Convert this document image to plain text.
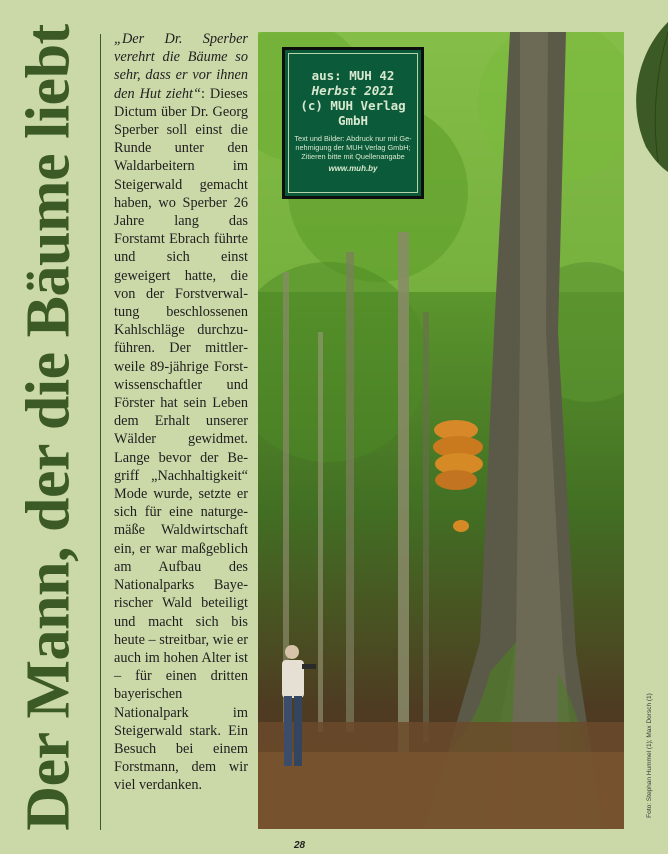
Der Mann, der die Bäume liebt „Der Dr. Sperber verehrt die Bäume so sehr, dass er vor ihnen den Hut zieht“: Dieses Dictum über Dr. Georg Sperber soll einst die Runde unter den Waldarbeitern im Steigerwald gemacht haben, wo Sperber 26 Jahre lang das Forstamt Ebrach führte und sich einst geweigert hatte, die von der Forstverwaltung beschlossenen Kahlschläge durchzuführen. Der mittlerweile 89-jährige Forstwissenschaftler und Förster hat sein Leben dem Erhalt unserer Wälder gewidmet. Lange bevor der Begriff „Nachhaltigkeit“ Mode wurde, setzte er sich für eine naturgemäße Waldwirtschaft ein, er war maßgeblich am Aufbau des Nationalparks Bayerischer Wald beteiligt und macht sich bis heute – streitbar, wie er auch im hohen Alter ist – für einen dritten bayerischen Nationalpark im Steigerwald stark. Ein Besuch bei einem Forstmann, dem wir viel verdanken.
aus: MUH 42
Herbst 2021
(c) MUH Verlag GmbH
Text und Bilder: Abdruck nur mit Genehmigung der MUH Verlag GmbH; Zitieren bitte mit Quellenangabe
www.muh.by
Foto: Stephan Hummel (1); Max Dorsch (1)
28
